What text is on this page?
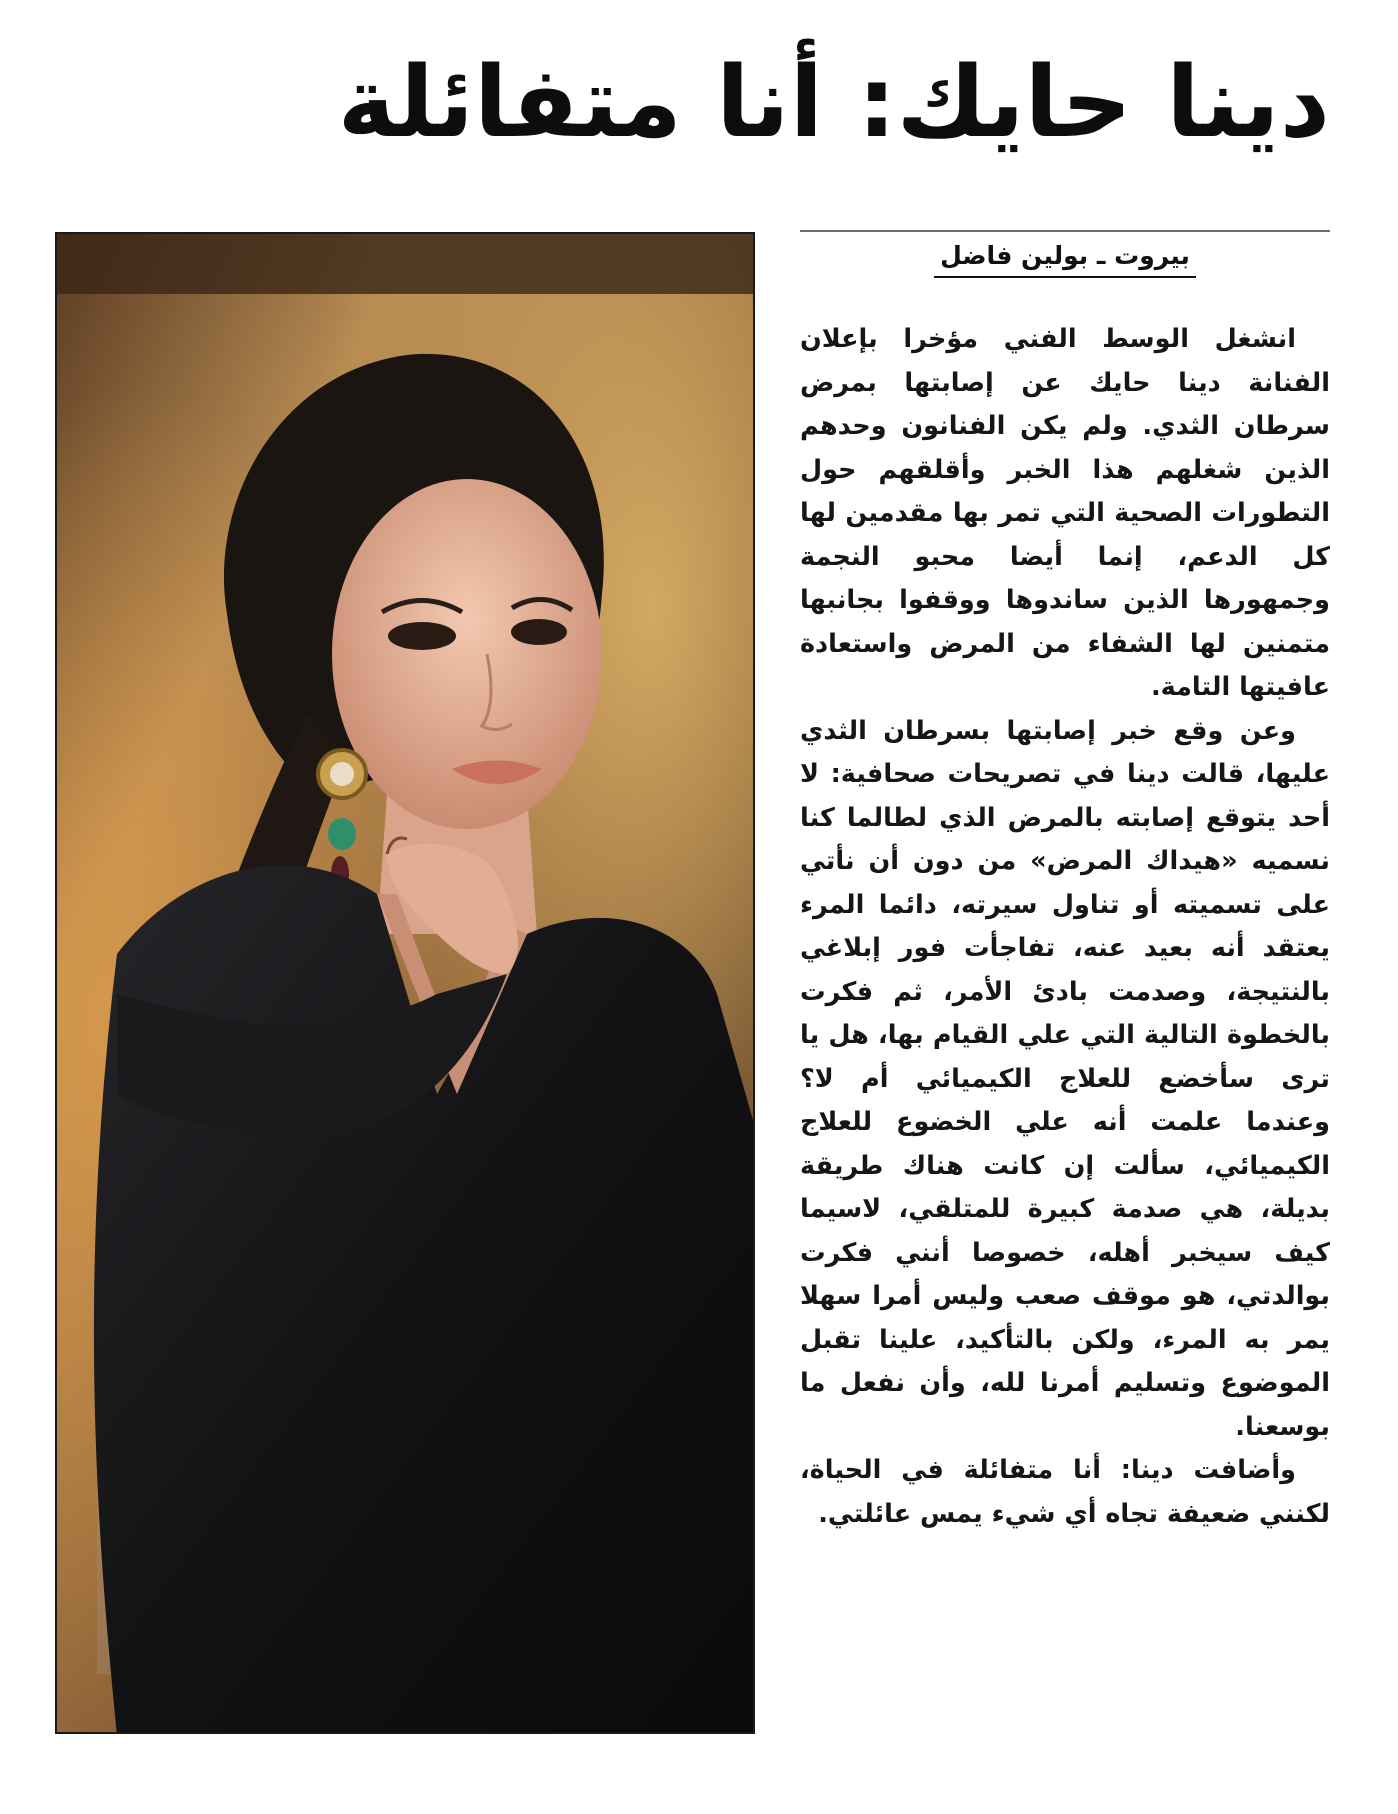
دينا حايك: أنا متفائلة
بيروت ـ بولين فاضل

انشغل الوسط الفني مؤخرا بإعلان الفنانة دينا حايك عن إصابتها بمرض سرطان الثدي. ولم يكن الفنانون وحدهم الذين شغلهم هذا الخبر وأقلقهم حول التطورات الصحية التي تمر بها مقدمين لها كل الدعم، إنما أيضا محبو النجمة وجمهورها الذين ساندوها ووقفوا بجانبها متمنين لها الشفاء من المرض واستعادة عافيتها التامة.

وعن وقع خبر إصابتها بسرطان الثدي عليها، قالت دينا في تصريحات صحافية: لا أحد يتوقع إصابته بالمرض الذي لطالما كنا نسميه «هيداك المرض» من دون أن نأتي على تسميته أو تناول سيرته، دائما المرء يعتقد أنه بعيد عنه، تفاجأت فور إبلاغي بالنتيجة، وصدمت بادئ الأمر، ثم فكرت بالخطوة التالية التي علي القيام بها، هل يا ترى سأخضع للعلاج الكيميائي أم لا؟ وعندما علمت أنه علي الخضوع للعلاج الكيميائي، سألت إن كانت هناك طريقة بديلة، هي صدمة كبيرة للمتلقي، لاسيما كيف سيخبر أهله، خصوصا أنني فكرت بوالدتي، هو موقف صعب وليس أمرا سهلا يمر به المرء، ولكن بالتأكيد، علينا تقبل الموضوع وتسليم أمرنا لله، وأن نفعل ما بوسعنا.

وأضافت دينا: أنا متفائلة في الحياة، لكنني ضعيفة تجاه أي شيء يمس عائلتي.
